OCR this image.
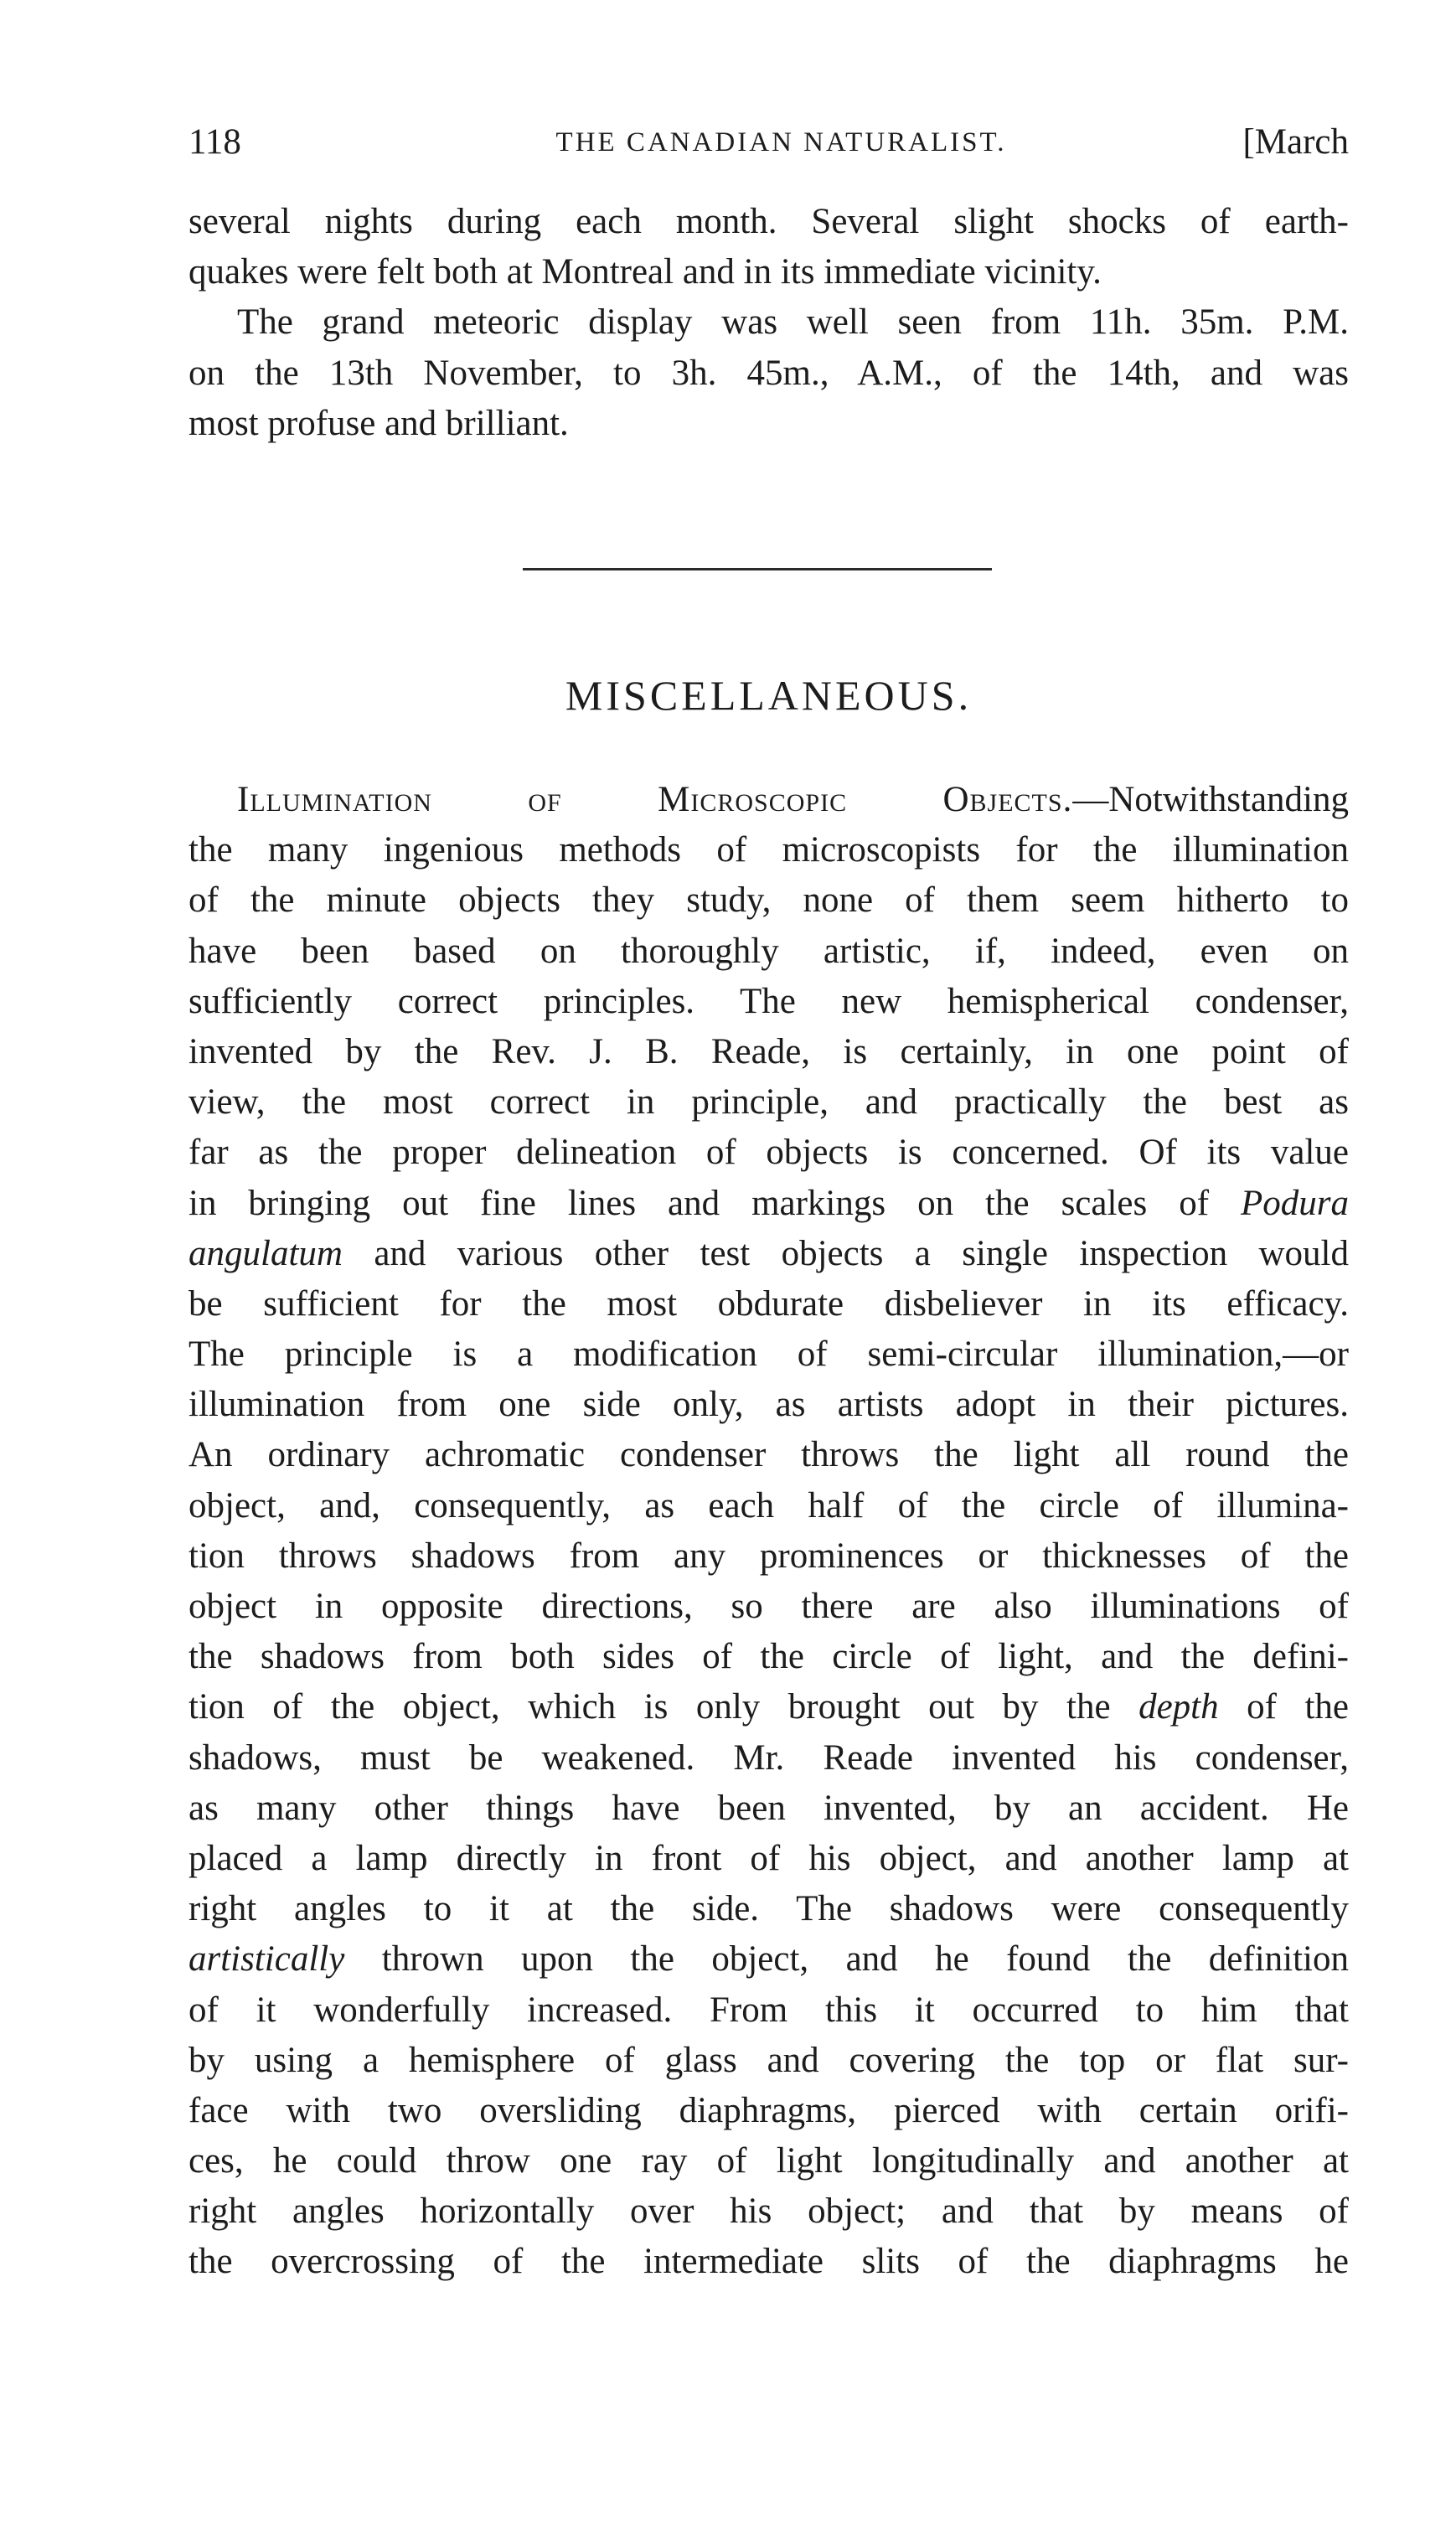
118	THE CANADIAN NATURALIST.	[March
several nights during each month. Several slight shocks of earth-
quakes were felt both at Montreal and in its immediate vicinity.
The grand meteoric display was well seen from 11h. 35m. P.M.
on the 13th November, to 3h. 45m., A.M., of the 14th, and was
most profuse and brilliant.
MISCELLANEOUS.
Illumination of Microscopic Objects.—Notwithstanding
the many ingenious methods of microscopists for the illumination
of the minute objects they study, none of them seem hitherto to
have been based on thoroughly artistic, if, indeed, even on
sufficiently correct principles. The new hemispherical condenser,
invented by the Rev. J. B. Reade, is certainly, in one point of
view, the most correct in principle, and practically the best as
far as the proper delineation of objects is concerned. Of its value
in bringing out fine lines and markings on the scales of Podura
angulatum and various other test objects a single inspection would
be sufficient for the most obdurate disbeliever in its efficacy.
The principle is a modification of semi-circular illumination,—or
illumination from one side only, as artists adopt in their pictures.
An ordinary achromatic condenser throws the light all round the
object, and, consequently, as each half of the circle of illumina-
tion throws shadows from any prominences or thicknesses of the
object in opposite directions, so there are also illuminations of
the shadows from both sides of the circle of light, and the defini-
tion of the object, which is only brought out by the depth of the
shadows, must be weakened. Mr. Reade invented his condenser,
as many other things have been invented, by an accident. He
placed a lamp directly in front of his object, and another lamp at
right angles to it at the side. The shadows were consequently
artistically thrown upon the object, and he found the definition
of it wonderfully increased. From this it occurred to him that
by using a hemisphere of glass and covering the top or flat sur-
face with two oversliding diaphragms, pierced with certain orifi-
ces, he could throw one ray of light longitudinally and another at
right angles horizontally over his object; and that by means of
the overcrossing of the intermediate slits of the diaphragms he
